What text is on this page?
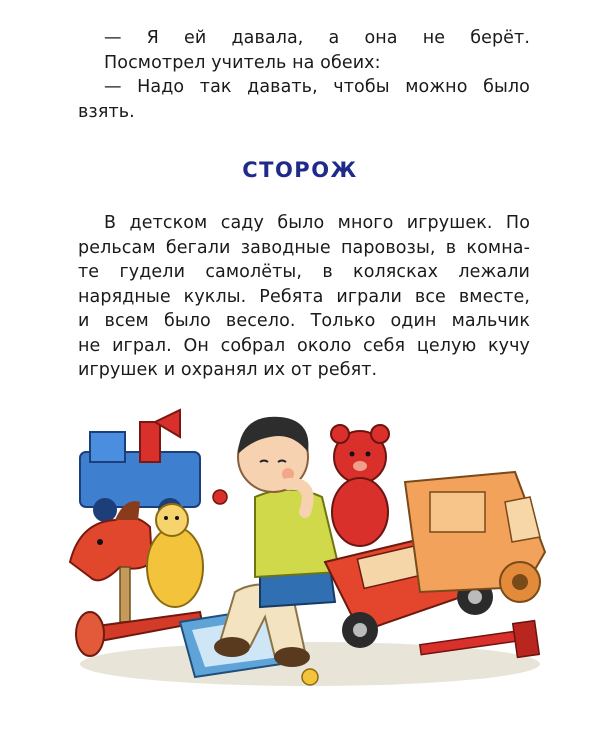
— Я ей давала, а она не берёт.
Посмотрел учитель на обеих:
— Надо так давать, чтобы можно было
взять.
СТОРОЖ
В детском саду было много игрушек. По
рельсам бегали заводные паровозы, в комна-
те гудели самолёты, в колясках лежали
нарядные куклы. Ребята играли все вместе,
и всем было весело. Только один мальчик
не играл. Он собрал около себя целую кучу
игрушек и охранял их от ребят.
